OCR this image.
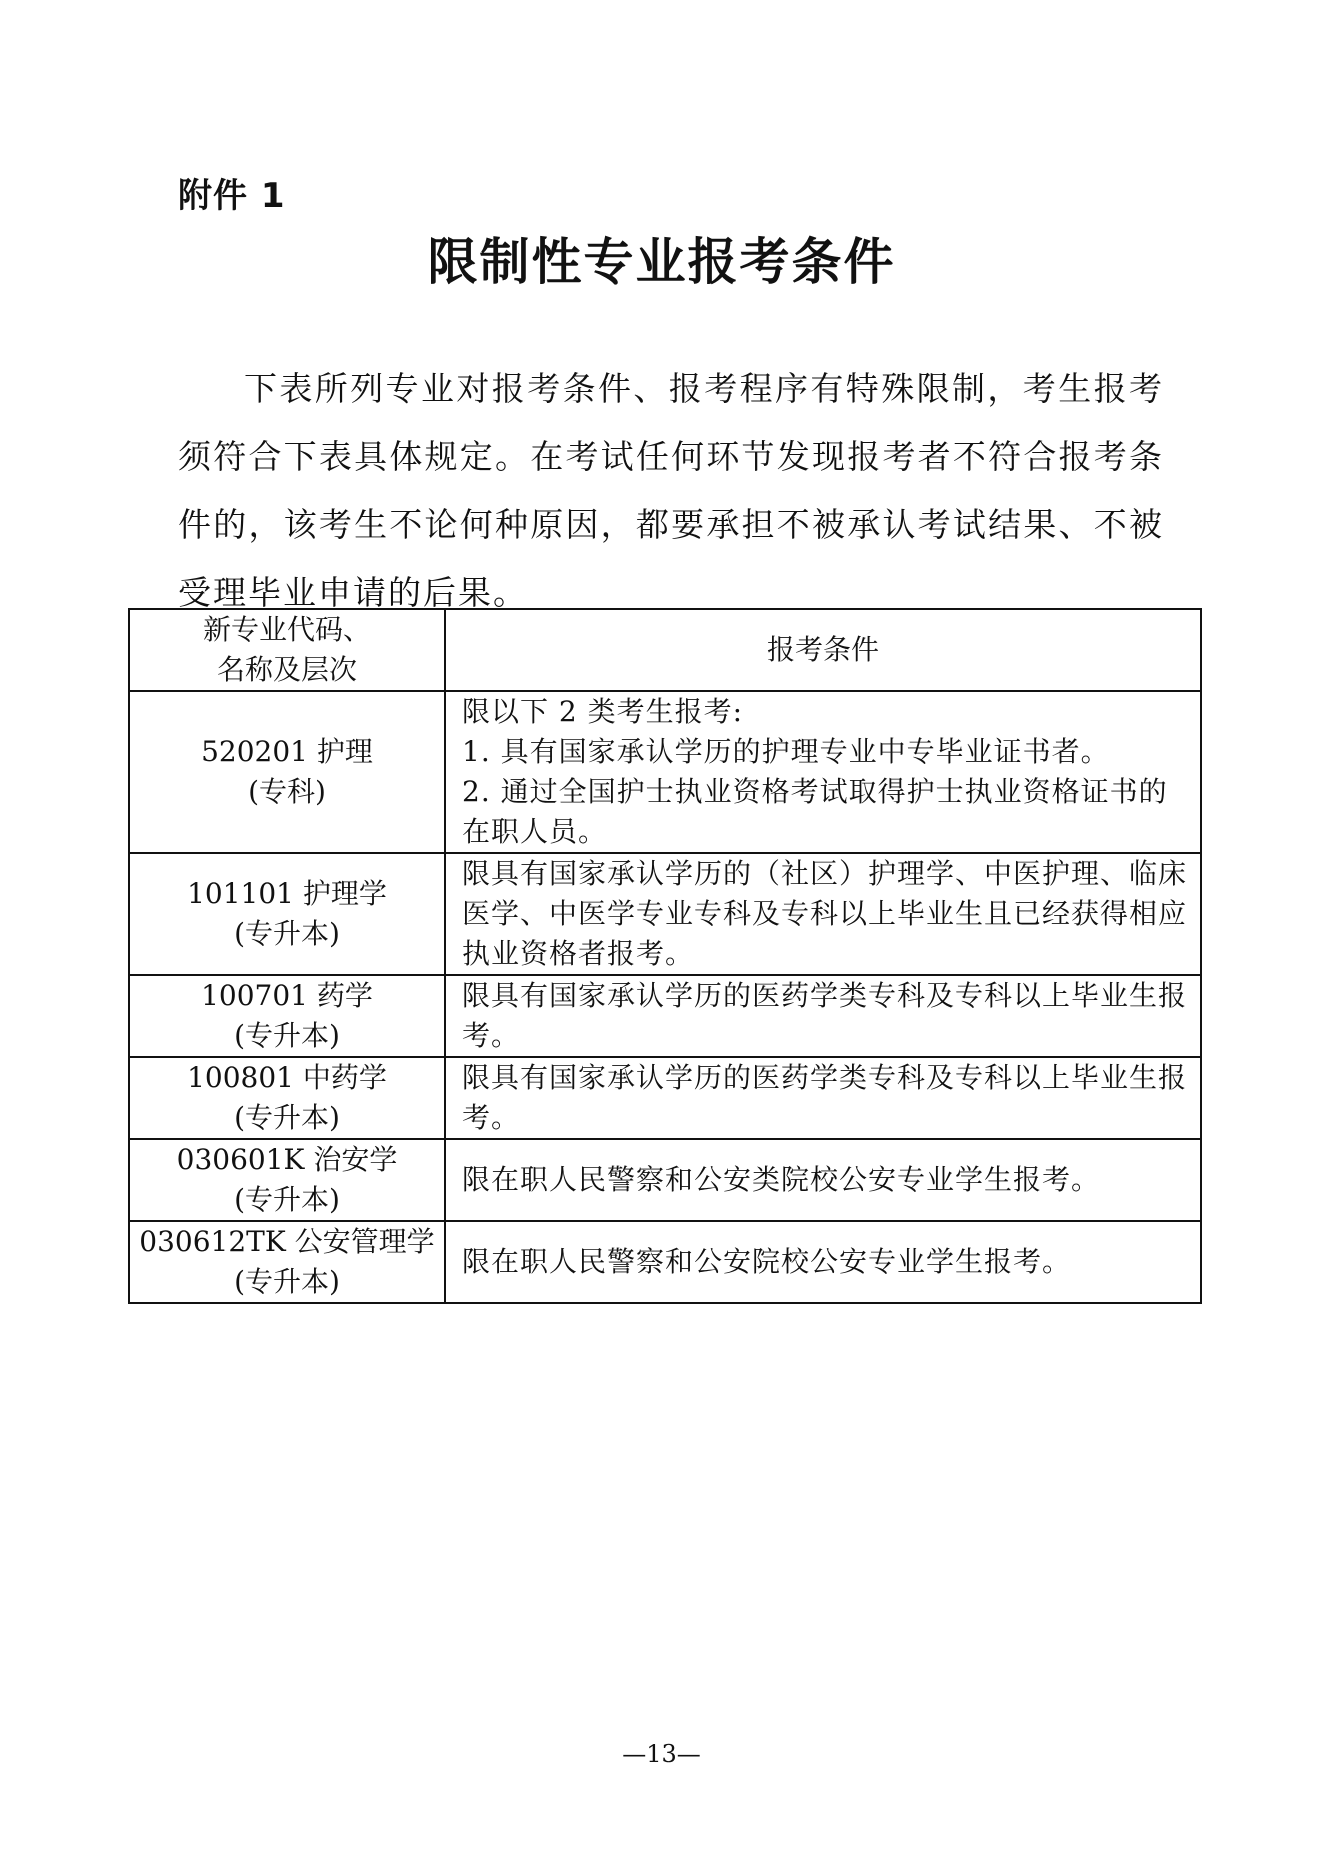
附件 1
限制性专业报考条件
下表所列专业对报考条件、报考程序有特殊限制，考生报考须符合下表具体规定。在考试任何环节发现报考者不符合报考条件的，该考生不论何种原因，都要承担不被承认考试结果、不被受理毕业申请的后果。
新专业代码、
名称及层次	报考条件

520201 护理
(专科)	限以下 2 类考生报考:
1. 具有国家承认学历的护理专业中专毕业证书者。
2. 通过全国护士执业资格考试取得护士执业资格证书的在职人员。

101101 护理学
(专升本)	限具有国家承认学历的（社区）护理学、中医护理、临床医学、中医学专业专科及专科以上毕业生且已经获得相应执业资格者报考。

100701 药学
(专升本)	限具有国家承认学历的医药学类专科及专科以上毕业生报考。

100801 中药学
(专升本)	限具有国家承认学历的医药学类专科及专科以上毕业生报考。

030601K 治安学
(专升本)	限在职人民警察和公安类院校公安专业学生报考。

030612TK 公安管理学
(专升本)	限在职人民警察和公安院校公安专业学生报考。
—13—
